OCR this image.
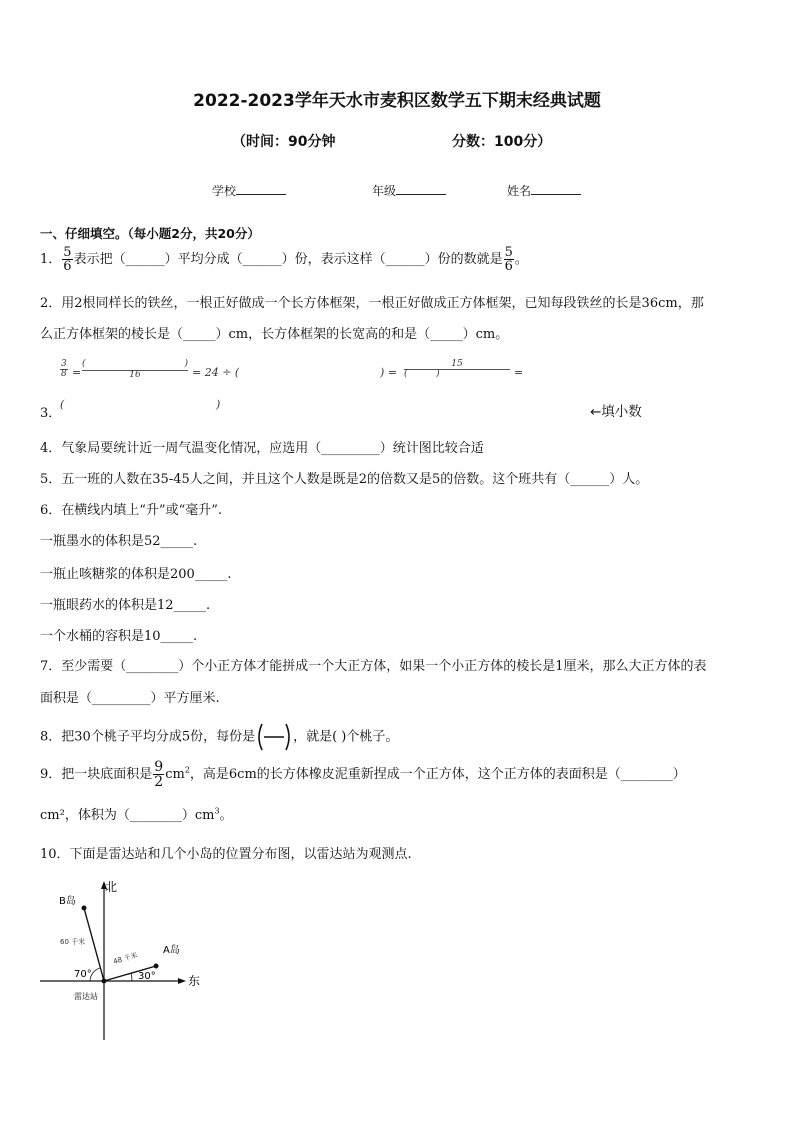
2022-2023学年天水市麦积区数学五下期末经典试题
（时间：90分钟	分数：100分）
学校	年级	姓名
一、仔细填空。（每小题2分，共20分）
1． $\frac{5}{6}$ 表示把（______）平均分成（______）份，表示这样（______）份的数就是 $\frac{5}{6}$ 。
2．用2根同样长的铁丝，一根正好做成一个长方体框架，一根正好做成正方体框架，已知每段铁丝的长是36cm，那
么正方体框架的棱长是（_____）cm，长方体框架的长宽高的和是（_____）cm。
3
8 =
(	)
16	= 24 ÷ (	) =
15
(          )	=
3．
(	)	←填小数
4．气象局要统计近一周气温变化情况，应选用（_________）统计图比较合适
5．五一班的人数在35-45人之间，并且这个人数是既是2的倍数又是5的倍数。这个班共有（______）人。
6．在横线内填上“升”或“毫升”.
一瓶墨水的体积是52_____.
一瓶止咳糖浆的体积是200_____.
一瓶眼药水的体积是12_____.
一个水桶的容积是10_____.
7．至少需要（________）个小正方体才能拼成一个大正方体，如果一个小正方体的棱长是1厘米，那么大正方体的表
面积是（_________）平方厘米.
8．把30个桃子平均分成5份，每份是	，就是( )个桃子。
9．把一块底面积是 $\frac{9}{2} cm^2$，高是6cm的长方体橡皮泥重新捏成一个正方体，这个正方体的表面积是（________）
cm²，体积为$(\_\_\_\_\_\_\_\_)cm^3$。
10．下面是雷达站和几个小岛的位置分布图，以雷达站为观测点.
北
东
B岛
A岛
60 千米
48 千米
70°	30°
雷达站
